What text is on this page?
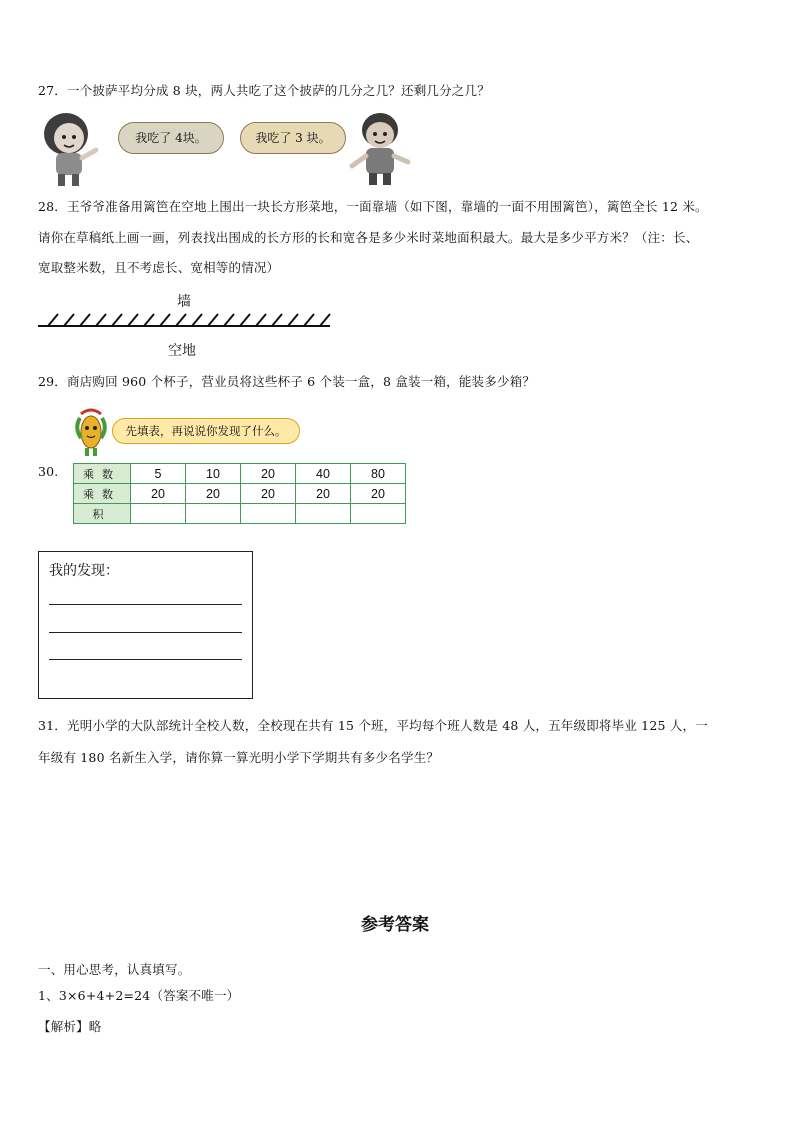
27．一个披萨平均分成 8 块，两人共吃了这个披萨的几分之几？还剩几分之几？
我吃了 4块。	我吃了 3 块。
28．王爷爷准备用篱笆在空地上围出一块长方形菜地，一面靠墙（如下图，靠墙的一面不用围篱笆），篱笆全长 12 米。
请你在草稿纸上画一画，列表找出围成的长方形的长和宽各是多少米时菜地面积最大。最大是多少平方米？（注：长、
宽取整米数，且不考虑长、宽相等的情况）
墙
空地
29．商店购回 960 个杯子，营业员将这些杯子 6 个装一盒，8 盒装一箱，能装多少箱？
先填表，再说说你发现了什么。
30. 乘数	5	10	20	40	80
乘数	20	20	20	20	20
积					
我的发现：
31．光明小学的大队部统计全校人数，全校现在共有 15 个班，平均每个班人数是 48 人，五年级即将毕业 125 人，一
年级有 180 名新生入学，请你算一算光明小学下学期共有多少名学生？
参考答案
一、用心思考，认真填写。
1、3×6+4+2=24（答案不唯一）
【解析】略
